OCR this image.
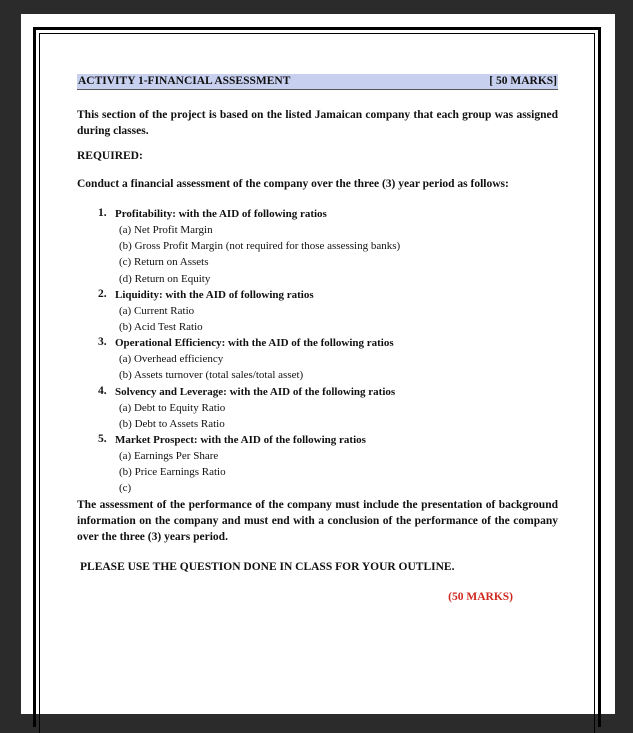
ACTIVITY 1-FINANCIAL ASSESSMENT	[ 50 MARKS]
This section of the project is based on the listed Jamaican company that each group was assigned during classes.
REQUIRED:
Conduct a financial assessment of the company over the three (3) year period as follows:
1. Profitability: with the AID of following ratios
(a) Net Profit Margin
(b) Gross Profit Margin (not required for those assessing banks)
(c) Return on Assets
(d) Return on Equity
2. Liquidity: with the AID of following ratios
(a) Current Ratio
(b) Acid Test Ratio
3. Operational Efficiency: with the AID of the following ratios
(a) Overhead efficiency
(b) Assets turnover (total sales/total asset)
4. Solvency and Leverage: with the AID of the following ratios
(a) Debt to Equity Ratio
(b) Debt to Assets Ratio
5. Market Prospect: with the AID of the following ratios
(a) Earnings Per Share
(b) Price Earnings Ratio
(c)
The assessment of the performance of the company must include the presentation of background information on the company and must end with a conclusion of the performance of the company over the three (3) years period.
PLEASE USE THE QUESTION DONE IN CLASS FOR YOUR OUTLINE.
(50 MARKS)
